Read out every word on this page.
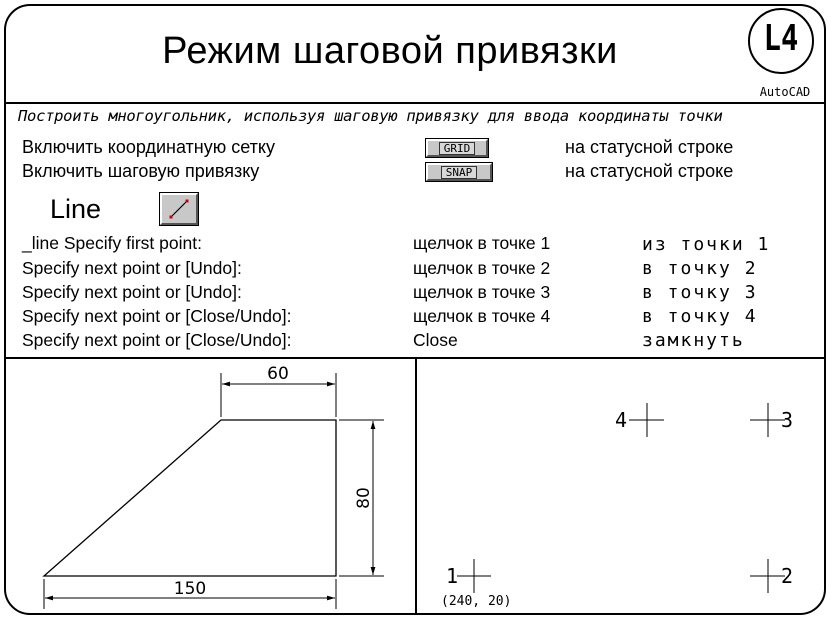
Режим шаговой привязки	L4
AutoCAD
Построить многоугольник, используя шаговую привязку для ввода координаты точки
Включить координатную сетку	GRID	на статусной строке
Включить шаговую привязку	SNAP	на статусной строке
Line
_line Specify first point:	щелчок в точке 1	из точки 1
Specify next point or [Undo]:	щелчок в точке 2	в точку 2
Specify next point or [Undo]:	щелчок в точке 3	в точку 3
Specify next point or [Close/Undo]:	щелчок в точке 4	в точку 4
Specify next point or [Close/Undo]:	Close	замкнуть
60
80
150
4	3
1
(240, 20)
2
